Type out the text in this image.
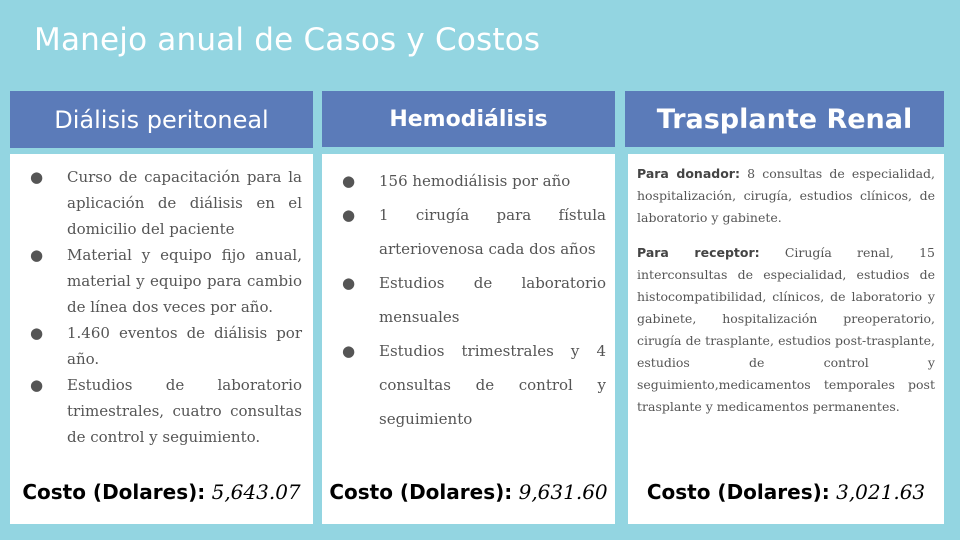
Manejo anual de Casos y Costos
Diálisis peritoneal
● Curso de capacitación para la aplicación de diálisis en el domicilio del paciente
● Material y equipo fijo anual, material y equipo para cambio de línea dos veces por año.
● 1.460 eventos de diálisis por año.
● Estudios de laboratorio trimestrales, cuatro consultas de control y seguimiento.
Costo (Dolares): 5,643.07
Hemodiálisis
● 156 hemodiálisis por año
● 1 cirugía para fístula arteriovenosa cada dos años
● Estudios de laboratorio mensuales
● Estudios trimestrales y 4 consultas de control y seguimiento
Costo (Dolares): 9,631.60
Trasplante Renal
Para donador: 8 consultas de especialidad, hospitalización, cirugía, estudios clínicos, de laboratorio y gabinete.
Para receptor: Cirugía renal, 15 interconsultas de especialidad, estudios de histocompatibilidad, clínicos, de laboratorio y gabinete, hospitalización preoperatorio, cirugía de trasplante, estudios post-trasplante, estudios de control y seguimiento,medicamentos temporales post trasplante y medicamentos permanentes.
Costo (Dolares): 3,021.63
